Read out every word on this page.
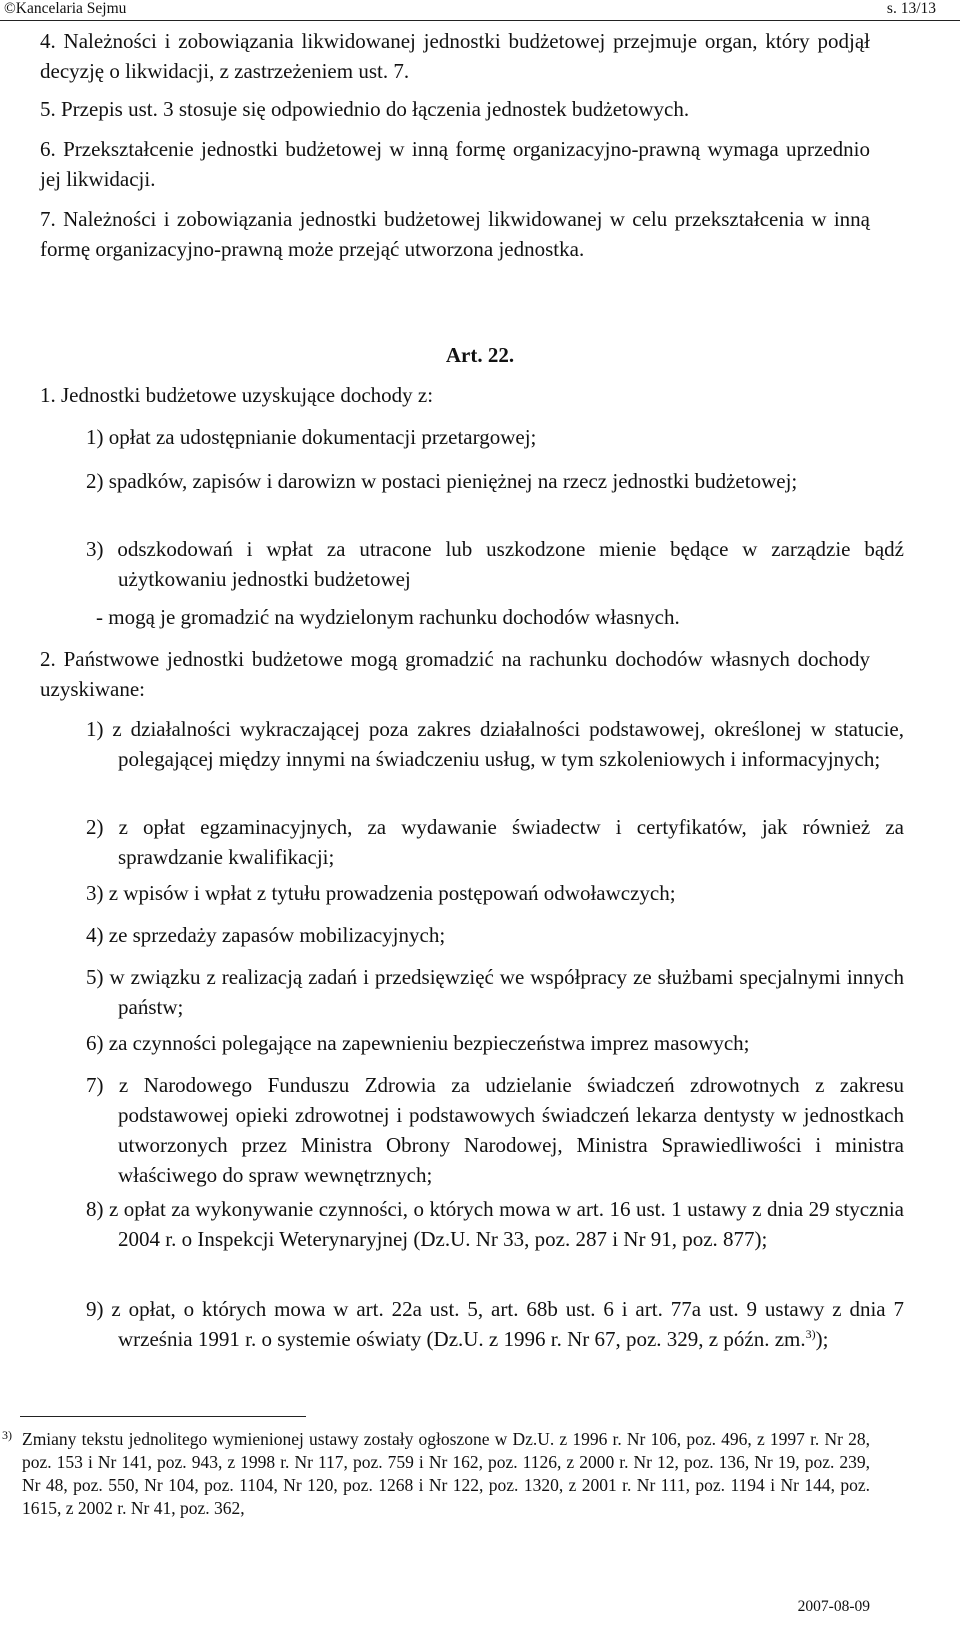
©Kancelaria Sejmu	s. 13/13

4. Należności i zobowiązania likwidowanej jednostki budżetowej przejmuje organ, który podjął decyzję o likwidacji, z zastrzeżeniem ust. 7.

5. Przepis ust. 3 stosuje się odpowiednio do łączenia jednostek budżetowych.

6. Przekształcenie jednostki budżetowej w inną formę organizacyjno-prawną wymaga uprzednio jej likwidacji.

7. Należności i zobowiązania jednostki budżetowej likwidowanej w celu przekształcenia w inną formę organizacyjno-prawną może przejąć utworzona jednostka.

Art. 22.

1. Jednostki budżetowe uzyskujące dochody z:

1) opłat za udostępnianie dokumentacji przetargowej;

2) spadków, zapisów i darowizn w postaci pieniężnej na rzecz jednostki budżetowej;

3) odszkodowań i wpłat za utracone lub uszkodzone mienie będące w zarządzie bądź użytkowaniu jednostki budżetowej

- mogą je gromadzić na wydzielonym rachunku dochodów własnych.

2. Państwowe jednostki budżetowe mogą gromadzić na rachunku dochodów własnych dochody uzyskiwane:

1) z działalności wykraczającej poza zakres działalności podstawowej, określonej w statucie, polegającej między innymi na świadczeniu usług, w tym szkoleniowych i informacyjnych;

2) z opłat egzaminacyjnych, za wydawanie świadectw i certyfikatów, jak również za sprawdzanie kwalifikacji;

3) z wpisów i wpłat z tytułu prowadzenia postępowań odwoławczych;

4) ze sprzedaży zapasów mobilizacyjnych;

5) w związku z realizacją zadań i przedsięwzięć we współpracy ze służbami specjalnymi innych państw;

6) za czynności polegające na zapewnieniu bezpieczeństwa imprez masowych;

7) z Narodowego Funduszu Zdrowia za udzielanie świadczeń zdrowotnych z zakresu podstawowej opieki zdrowotnej i podstawowych świadczeń lekarza dentysty w jednostkach utworzonych przez Ministra Obrony Narodowej, Ministra Sprawiedliwości i ministra właściwego do spraw wewnętrznych;

8) z opłat za wykonywanie czynności, o których mowa w art. 16 ust. 1 ustawy z dnia 29 stycznia 2004 r. o Inspekcji Weterynaryjnej (Dz.U. Nr 33, poz. 287 i Nr 91, poz. 877);

9) z opłat, o których mowa w art. 22a ust. 5, art. 68b ust. 6 i art. 77a ust. 9 ustawy z dnia 7 września 1991 r. o systemie oświaty (Dz.U. z 1996 r. Nr 67, poz. 329, z późn. zm.$^{3)}$);

3) Zmiany tekstu jednolitego wymienionej ustawy zostały ogłoszone w Dz.U. z 1996 r. Nr 106, poz. 496, z 1997 r. Nr 28, poz. 153 i Nr 141, poz. 943, z 1998 r. Nr 117, poz. 759 i Nr 162, poz. 1126, z 2000 r. Nr 12, poz. 136, Nr 19, poz. 239, Nr 48, poz. 550, Nr 104, poz. 1104, Nr 120, poz. 1268 i Nr 122, poz. 1320, z 2001 r. Nr 111, poz. 1194 i Nr 144, poz. 1615, z 2002 r. Nr 41, poz. 362,
2007-08-09
